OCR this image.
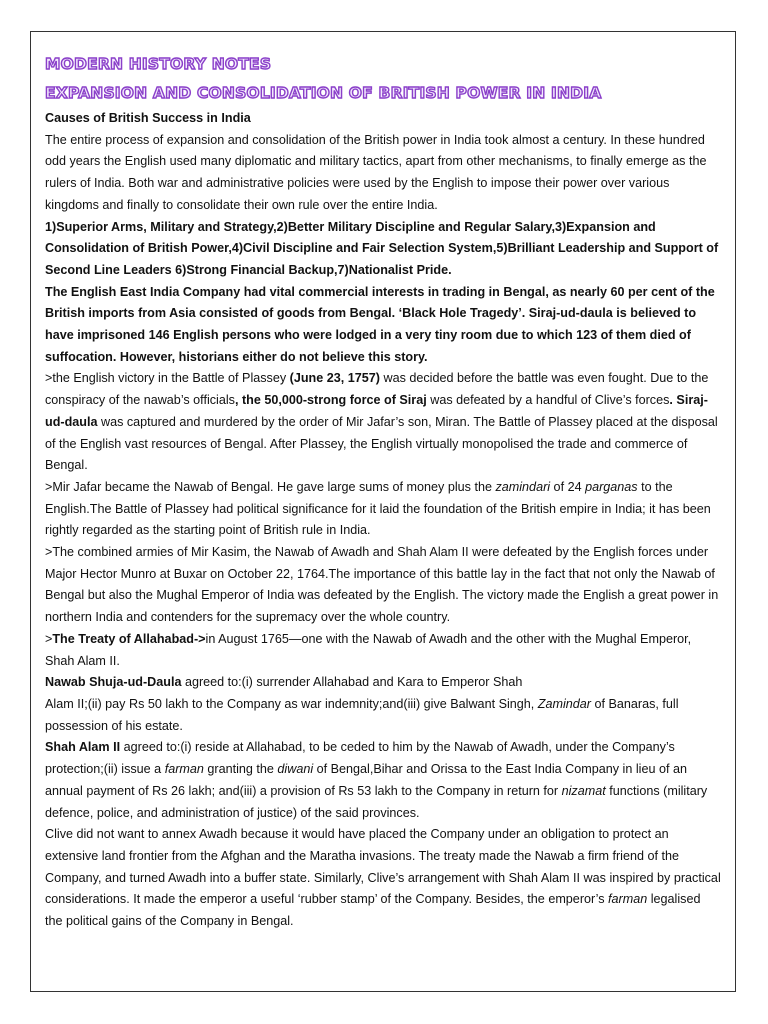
MODERN HISTORY NOTES
EXPANSION AND CONSOLIDATION OF BRITISH POWER IN INDIA

Causes of British Success in India

The entire process of expansion and consolidation of the British power in India took almost a century. In these hundred odd years the English used many diplomatic and military tactics, apart from other mechanisms, to finally emerge as the rulers of India. Both war and administrative policies were used by the English to impose their power over various kingdoms and finally to consolidate their own rule over the entire India.

1)Superior Arms, Military and Strategy,2)Better Military Discipline and Regular Salary,3)Expansion and Consolidation of British Power,4)Civil Discipline and Fair Selection System,5)Brilliant Leadership and Support of Second Line Leaders 6)Strong Financial Backup,7)Nationalist Pride.

The English East India Company had vital commercial interests in trading in Bengal, as nearly 60 per cent of the British imports from Asia consisted of goods from Bengal. ‘Black Hole Tragedy’. Siraj-ud-daula is believed to have imprisoned 146 English persons who were lodged in a very tiny room due to which 123 of them died of suffocation. However, historians either do not believe this story.

>the English victory in the Battle of Plassey (June 23, 1757) was decided before the battle was even fought. Due to the conspiracy of the nawab’s officials, the 50,000-strong force of Siraj was defeated by a handful of Clive’s forces. Siraj-ud-daula was captured and murdered by the order of Mir Jafar’s son, Miran. The Battle of Plassey placed at the disposal of the English vast resources of Bengal. After Plassey, the English virtually monopolised the trade and commerce of Bengal.

>Mir Jafar became the Nawab of Bengal. He gave large sums of money plus the zamindari of 24 parganas to the English.The Battle of Plassey had political significance for it laid the foundation of the British empire in India; it has been rightly regarded as the starting point of British rule in India.

>The combined armies of Mir Kasim, the Nawab of Awadh and Shah Alam II were defeated by the English forces under Major Hector Munro at Buxar on October 22, 1764.The importance of this battle lay in the fact that not only the Nawab of Bengal but also the Mughal Emperor of India was defeated by the English. The victory made the English a great power in northern India and contenders for the supremacy over the whole country.

>The Treaty of Allahabad->in August 1765—one with the Nawab of Awadh and the other with the Mughal Emperor, Shah Alam II.

Nawab Shuja-ud-Daula agreed to:(i) surrender Allahabad and Kara to Emperor Shah
Alam II;(ii) pay Rs 50 lakh to the Company as war indemnity;and(iii) give Balwant Singh, Zamindar of Banaras, full possession of his estate.

Shah Alam II agreed to:(i) reside at Allahabad, to be ceded to him by the Nawab of Awadh, under the Company’s protection;(ii) issue a farman granting the diwani of Bengal,Bihar and Orissa to the East India Company in lieu of an annual payment of Rs 26 lakh; and(iii) a provision of Rs 53 lakh to the Company in return for nizamat functions (military defence, police, and administration of justice) of the said provinces.

Clive did not want to annex Awadh because it would have placed the Company under an obligation to protect an extensive land frontier from the Afghan and the Maratha invasions. The treaty made the Nawab a firm friend of the Company, and turned Awadh into a buffer state. Similarly, Clive’s arrangement with Shah Alam II was inspired by practical considerations. It made the emperor a useful ‘rubber stamp’ of the Company. Besides, the emperor’s farman legalised the political gains of the Company in Bengal.
